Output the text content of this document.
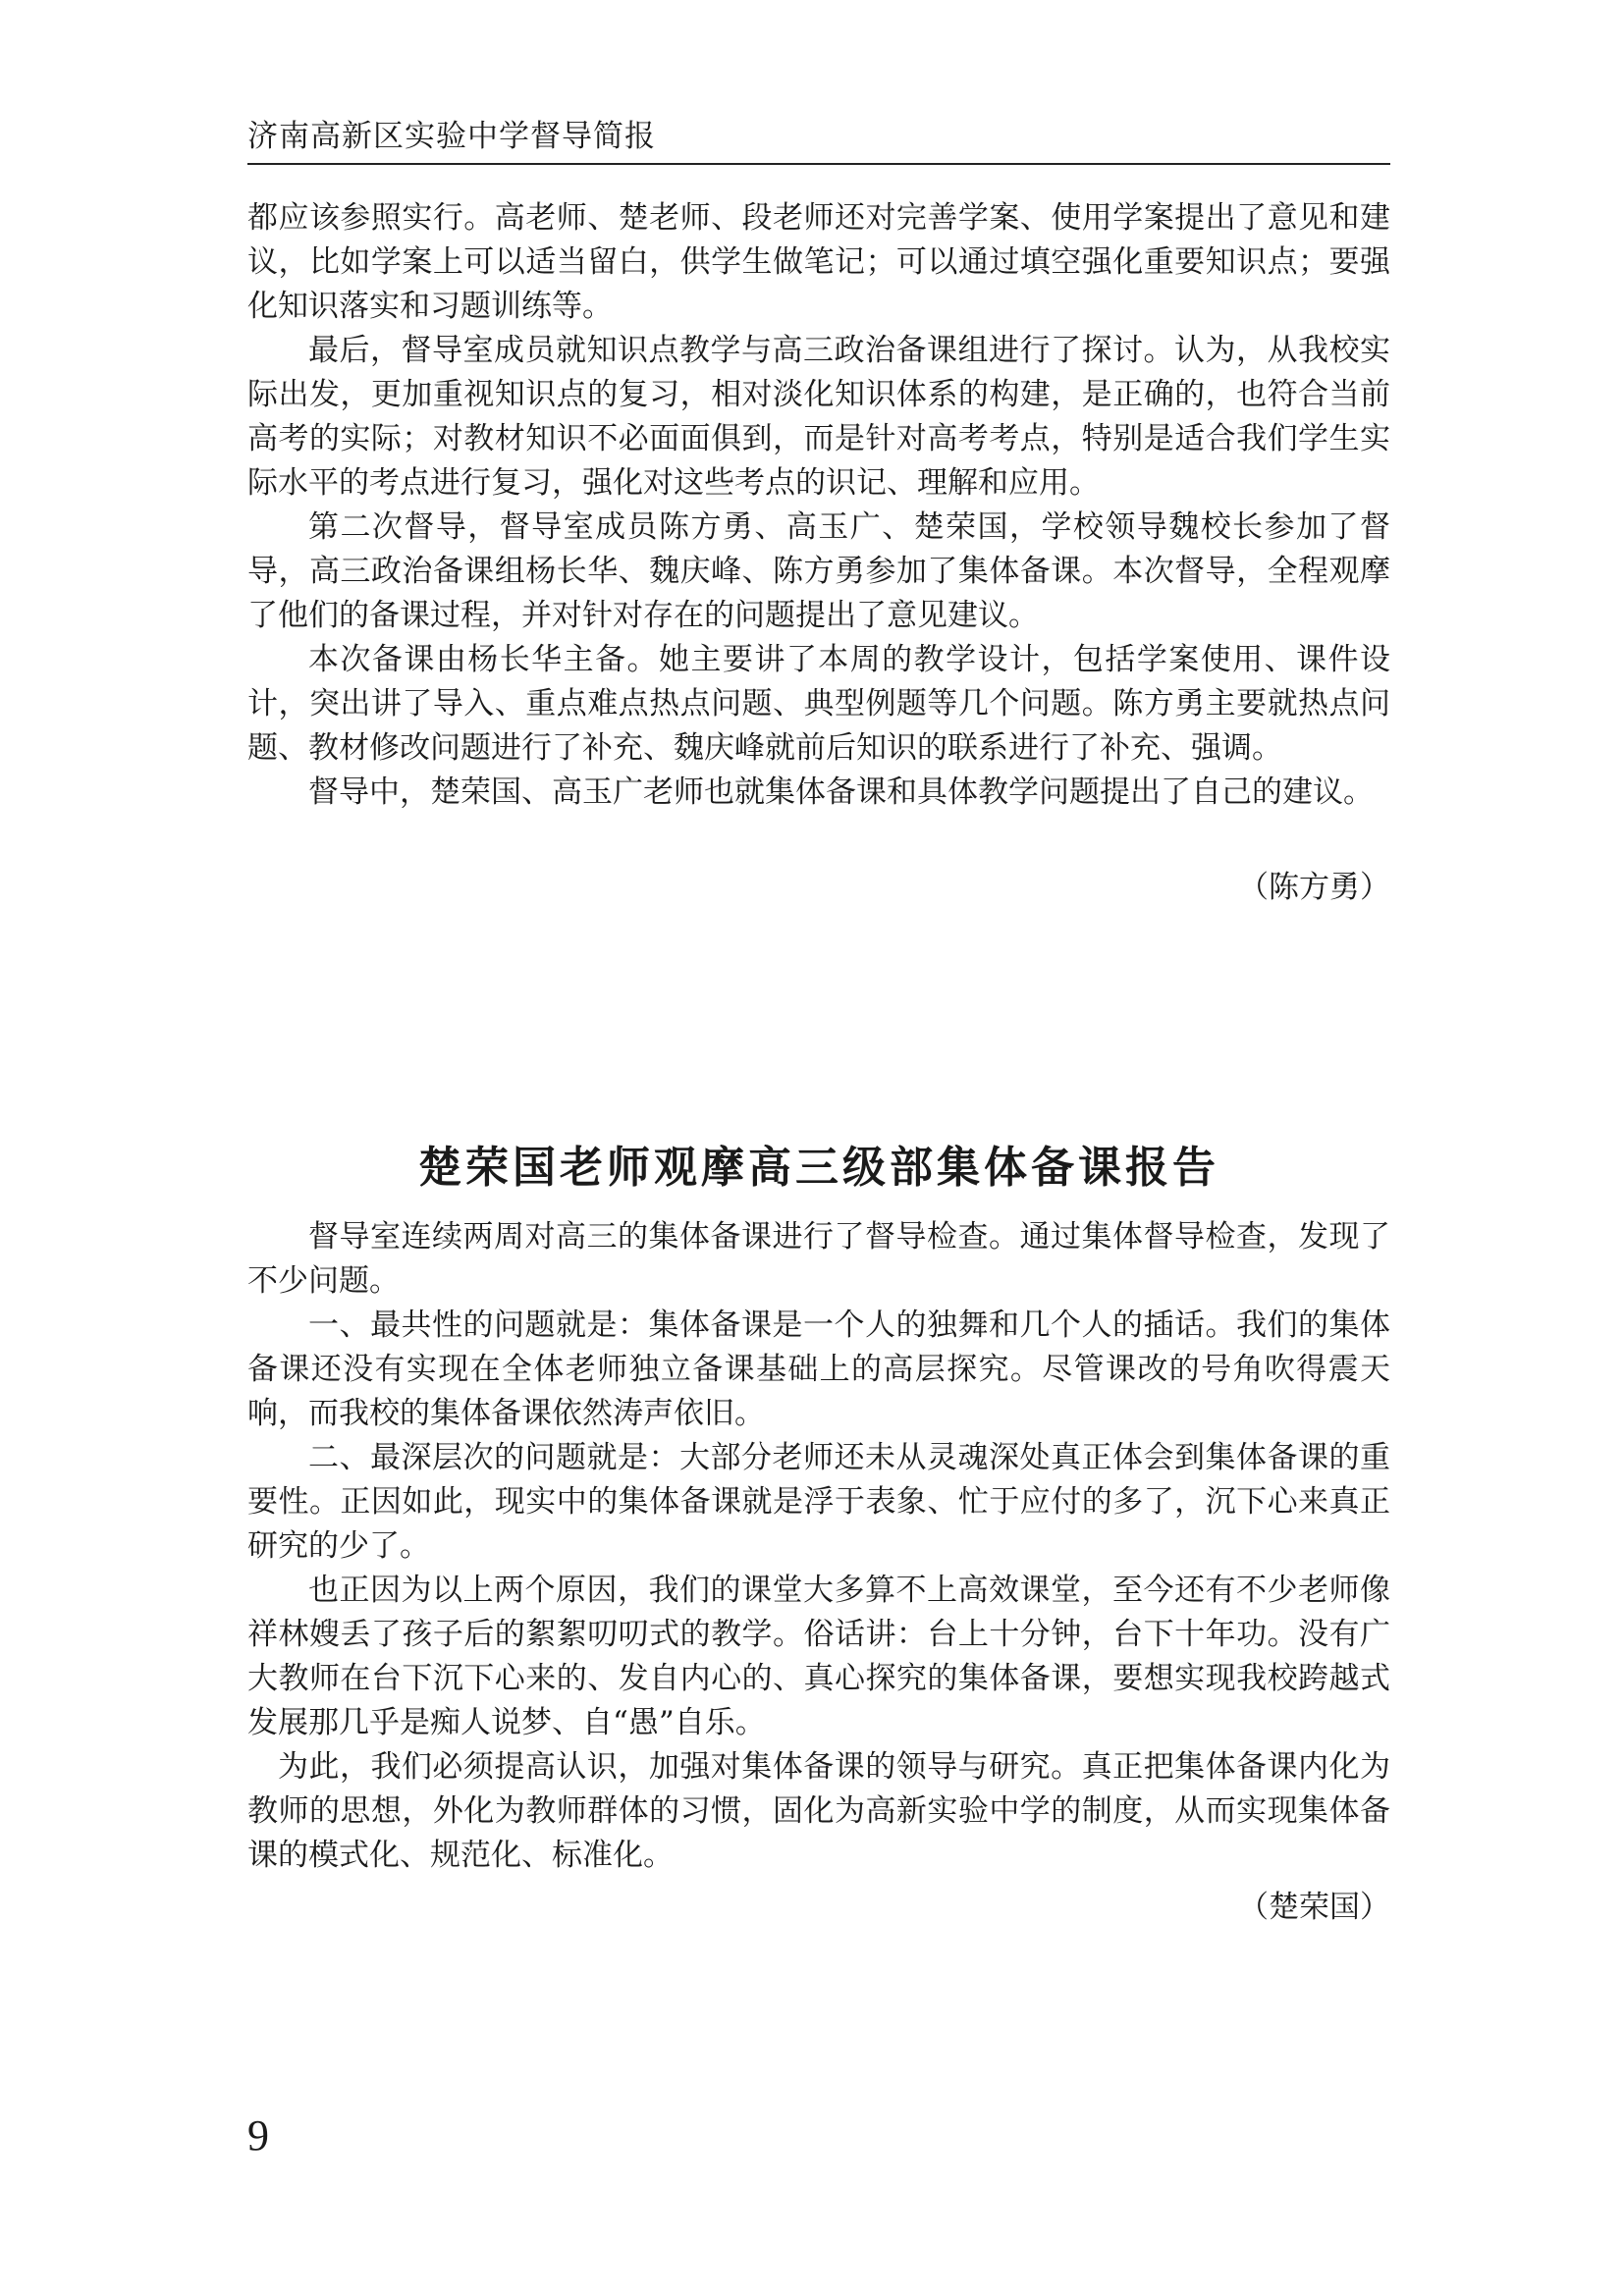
济南高新区实验中学督导简报

都应该参照实行。高老师、楚老师、段老师还对完善学案、使用学案提出了意见和建议，比如学案上可以适当留白，供学生做笔记；可以通过填空强化重要知识点；要强化知识落实和习题训练等。

最后，督导室成员就知识点教学与高三政治备课组进行了探讨。认为，从我校实际出发，更加重视知识点的复习，相对淡化知识体系的构建，是正确的，也符合当前高考的实际；对教材知识不必面面俱到，而是针对高考考点，特别是适合我们学生实际水平的考点进行复习，强化对这些考点的识记、理解和应用。

第二次督导，督导室成员陈方勇、高玉广、楚荣国，学校领导魏校长参加了督导，高三政治备课组杨长华、魏庆峰、陈方勇参加了集体备课。本次督导，全程观摩了他们的备课过程，并对针对存在的问题提出了意见建议。

本次备课由杨长华主备。她主要讲了本周的教学设计，包括学案使用、课件设计，突出讲了导入、重点难点热点问题、典型例题等几个问题。陈方勇主要就热点问题、教材修改问题进行了补充、魏庆峰就前后知识的联系进行了补充、强调。

督导中，楚荣国、高玉广老师也就集体备课和具体教学问题提出了自己的建议。

（陈方勇）

楚荣国老师观摩高三级部集体备课报告

督导室连续两周对高三的集体备课进行了督导检查。通过集体督导检查，发现了不少问题。

一、最共性的问题就是：集体备课是一个人的独舞和几个人的插话。我们的集体备课还没有实现在全体老师独立备课基础上的高层探究。尽管课改的号角吹得震天响，而我校的集体备课依然涛声依旧。

二、最深层次的问题就是：大部分老师还未从灵魂深处真正体会到集体备课的重要性。正因如此，现实中的集体备课就是浮于表象、忙于应付的多了，沉下心来真正研究的少了。

也正因为以上两个原因，我们的课堂大多算不上高效课堂，至今还有不少老师像祥林嫂丢了孩子后的絮絮叨叨式的教学。俗话讲：台上十分钟，台下十年功。没有广大教师在台下沉下心来的、发自内心的、真心探究的集体备课，要想实现我校跨越式发展那几乎是痴人说梦、自“愚”自乐。

为此，我们必须提高认识，加强对集体备课的领导与研究。真正把集体备课内化为教师的思想，外化为教师群体的习惯，固化为高新实验中学的制度，从而实现集体备课的模式化、规范化、标准化。

（楚荣国）

9
